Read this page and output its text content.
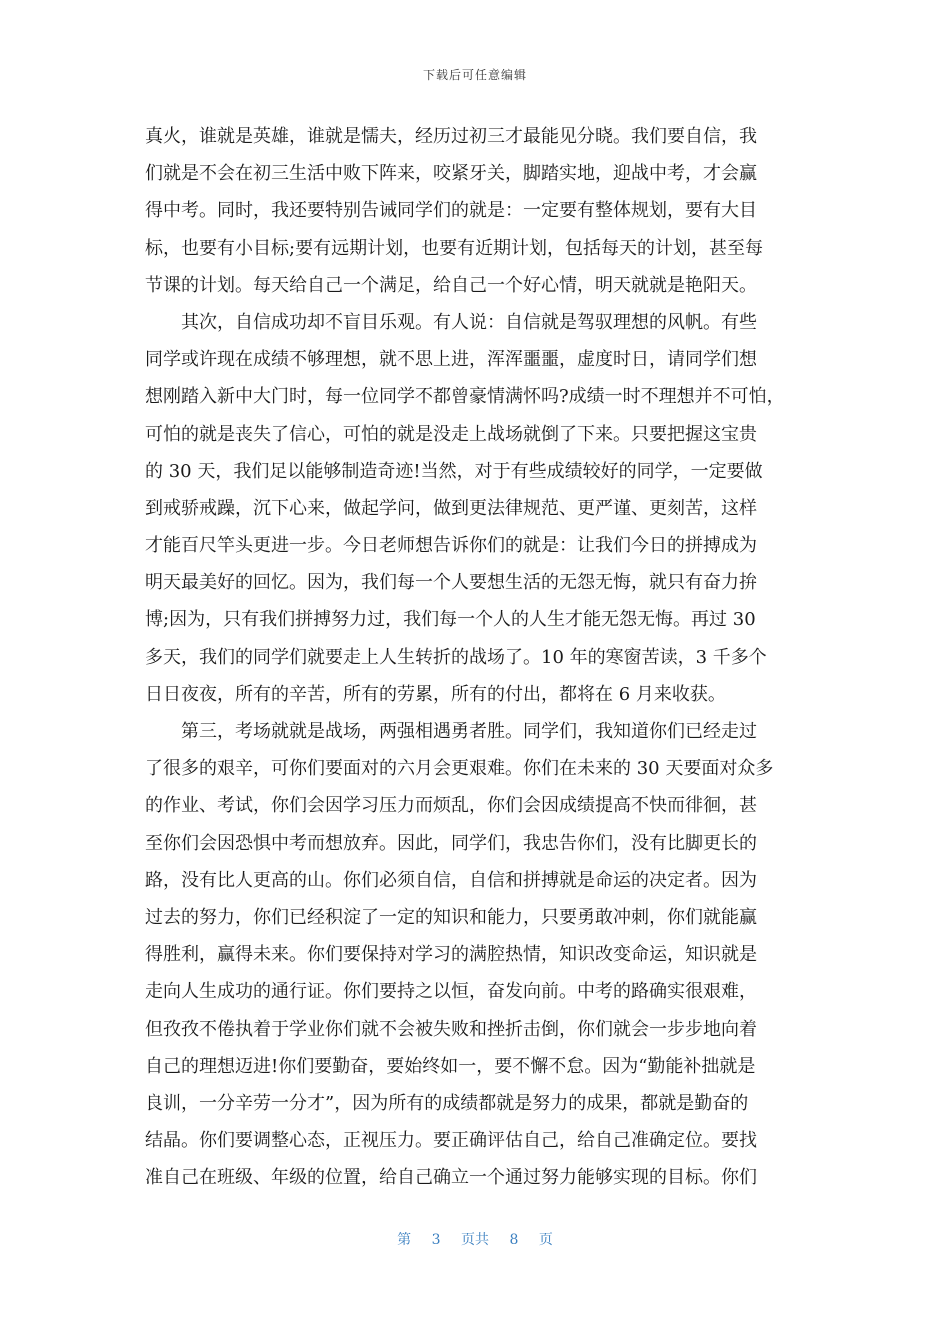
下载后可任意编辑
真火，谁就是英雄，谁就是懦夫，经历过初三才最能见分晓。我们要自信，我
们就是不会在初三生活中败下阵来，咬紧牙关，脚踏实地，迎战中考，才会赢
得中考。同时，我还要特别告诫同学们的就是：一定要有整体规划，要有大目
标，也要有小目标;要有远期计划，也要有近期计划，包括每天的计划，甚至每
节课的计划。每天给自己一个满足，给自己一个好心情，明天就就是艳阳天。
其次，自信成功却不盲目乐观。有人说：自信就是驾驭理想的风帆。有些
同学或许现在成绩不够理想，就不思上进，浑浑噩噩，虚度时日，请同学们想
想刚踏入新中大门时，每一位同学不都曾豪情满怀吗?成绩一时不理想并不可怕，
可怕的就是丧失了信心，可怕的就是没走上战场就倒了下来。只要把握这宝贵
的 30 天，我们足以能够制造奇迹!当然，对于有些成绩较好的同学，一定要做
到戒骄戒躁，沉下心来，做起学问，做到更法律规范、更严谨、更刻苦，这样
才能百尺竿头更进一步。今日老师想告诉你们的就是：让我们今日的拼搏成为
明天最美好的回忆。因为，我们每一个人要想生活的无怨无悔，就只有奋力拚
博;因为，只有我们拼搏努力过，我们每一个人的人生才能无怨无悔。再过 30
多天，我们的同学们就要走上人生转折的战场了。10 年的寒窗苦读，3 千多个
日日夜夜，所有的辛苦，所有的劳累，所有的付出，都将在 6 月来收获。
第三，考场就就是战场，两强相遇勇者胜。同学们，我知道你们已经走过
了很多的艰辛，可你们要面对的六月会更艰难。你们在未来的 30 天要面对众多
的作业、考试，你们会因学习压力而烦乱，你们会因成绩提高不快而徘徊，甚
至你们会因恐惧中考而想放弃。因此，同学们，我忠告你们，没有比脚更长的
路，没有比人更高的山。你们必须自信，自信和拼搏就是命运的决定者。因为
过去的努力，你们已经积淀了一定的知识和能力，只要勇敢冲刺，你们就能赢
得胜利，赢得未来。你们要保持对学习的满腔热情，知识改变命运，知识就是
走向人生成功的通行证。你们要持之以恒，奋发向前。中考的路确实很艰难，
但孜孜不倦执着于学业你们就不会被失败和挫折击倒，你们就会一步步地向着
自己的理想迈进!你们要勤奋，要始终如一，要不懈不怠。因为“勤能补拙就是
良训，一分辛劳一分才”，因为所有的成绩都就是努力的成果，都就是勤奋的
结晶。你们要调整心态，正视压力。要正确评估自己，给自己准确定位。要找
准自己在班级、年级的位置，给自己确立一个通过努力能够实现的目标。你们
第 3 页共 8 页
